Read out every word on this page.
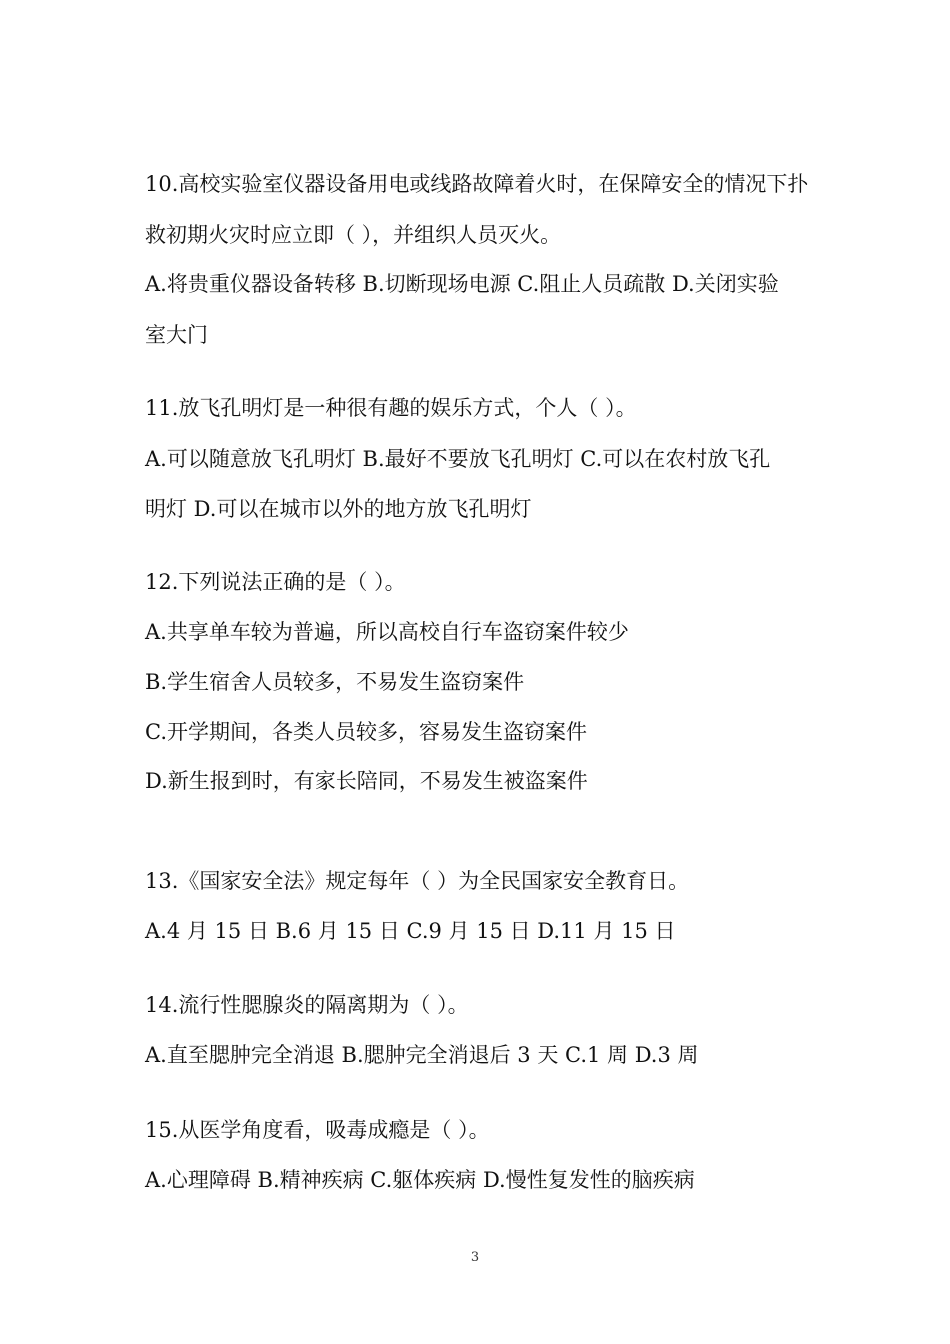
10.高校实验室仪器设备用电或线路故障着火时，在保障安全的情况下扑
救初期火灾时应立即（ ），并组织人员灭火。
A.将贵重仪器设备转移 B.切断现场电源 C.阻止人员疏散 D.关闭实验
室大门
11.放飞孔明灯是一种很有趣的娱乐方式，个人（ ）。
A.可以随意放飞孔明灯 B.最好不要放飞孔明灯 C.可以在农村放飞孔
明灯 D.可以在城市以外的地方放飞孔明灯
12.下列说法正确的是（ ）。
A.共享单车较为普遍，所以高校自行车盗窃案件较少
B.学生宿舍人员较多，不易发生盗窃案件
C.开学期间，各类人员较多，容易发生盗窃案件
D.新生报到时，有家长陪同，不易发生被盗案件
13.《国家安全法》规定每年（ ）为全民国家安全教育日。
A.4 月 15 日 B.6 月 15 日 C.9 月 15 日 D.11 月 15 日
14.流行性腮腺炎的隔离期为（ ）。
A.直至腮肿完全消退 B.腮肿完全消退后 3 天 C.1 周 D.3 周
15.从医学角度看，吸毒成瘾是（ ）。
A.心理障碍 B.精神疾病 C.躯体疾病 D.慢性复发性的脑疾病
3
